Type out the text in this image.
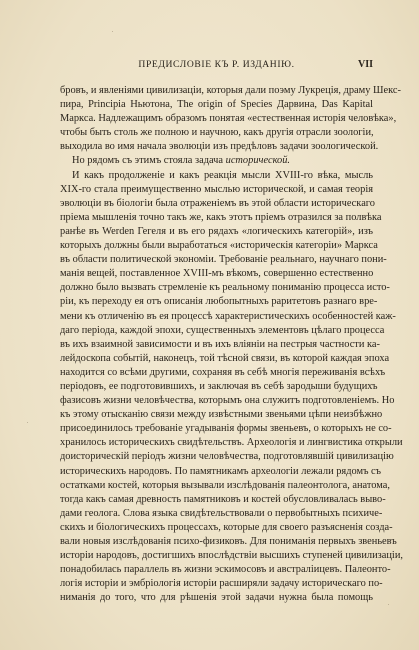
ПРЕДИСЛОВІЕ КЪ Р. ИЗДАНІЮ.	VII
бровъ, и явленіями цивилизаціи, которыя дали поэму Лукреція, драму Шекс-
пира, Principia Ньютона, The origin of Species Дарвина, Das Kapital
Маркса. Надлежащимъ образомъ понятая «естественная исторія человѣка»,
чтобы быть столь же полною и научною, какъ другія отрасли зоологіи,
выходила во имя начала эволюціи изъ предѣловъ задачи зоологической.
Но рядомъ съ этимъ стояла задача исторической.
И какъ продолженіе и какъ реакція мысли XVIII-го вѣка, мысль
XIX-го стала преимущественно мыслью исторической, и самая теорія
эволюціи въ біологіи была отраженіемъ въ этой области историческаго
пріема мышленія точно такъ же, какъ этотъ пріемъ отразился за полвѣка
ранѣе въ Werden Гегеля и въ его рядахъ «логическихъ категорій», изъ
которыхъ должны были выработаться «историческія категоріи» Маркса
въ области политической экономіи. Требованіе реальнаго, научнаго пони-
манія вещей, поставленное XVIII-мъ вѣкомъ, совершенно естественно
должно было вызвать стремленіе къ реальному пониманію процесса исто-
ріи, къ переходу ея отъ описанія любопытныхъ раритетовъ разнаго вре-
мени къ отличенію въ ея процессѣ характеристическихъ особенностей каж-
даго періода, каждой эпохи, существенныхъ элементовъ цѣлаго процесса
въ ихъ взаимной зависимости и въ ихъ вліяніи на пестрыя частности ка-
лейдоскопа событій, наконецъ, той тѣсной связи, въ которой каждая эпоха
находится со всѣми другими, сохраняя въ себѣ многія переживанія всѣхъ
періодовъ, ее подготовившихъ, и заключая въ себѣ зародыши будущихъ
фазисовъ жизни человѣчества, которымъ она служитъ подготовленіемъ. Но
къ этому отысканію связи между извѣстными звеньями цѣпи неизбѣжно
присоединилось требованіе угадыванія формы звеньевъ, о которыхъ не со-
хранилось историческихъ свидѣтельствъ. Археологія и лингвистика открыли
доисторическій періодъ жизни человѣчества, подготовлявшій цивилизацію
историческихъ народовъ. По памятникамъ археологіи лежали рядомъ съ
остатками костей, которыя вызывали изслѣдованія палеонтолога, анатома,
тогда какъ самая древность памятниковъ и костей обусловливалась выво-
дами геолога. Слова языка свидѣтельствовали о первобытныхъ психиче-
скихъ и біологическихъ процессахъ, которые для своего разъясненія созда-
вали новыя изслѣдованія психо-физиковъ. Для пониманія первыхъ звеньевъ
исторіи народовъ, достигшихъ впослѣдствіи высшихъ ступеней цивилизаціи,
понадобилась параллель въ жизни эскимосовъ и австраліицевъ. Палеонто-
логія исторіи и эмбріологія исторіи расширяли задачу историческаго по-
ниманія до того, что для рѣшенія этой задачи нужна была помощь
